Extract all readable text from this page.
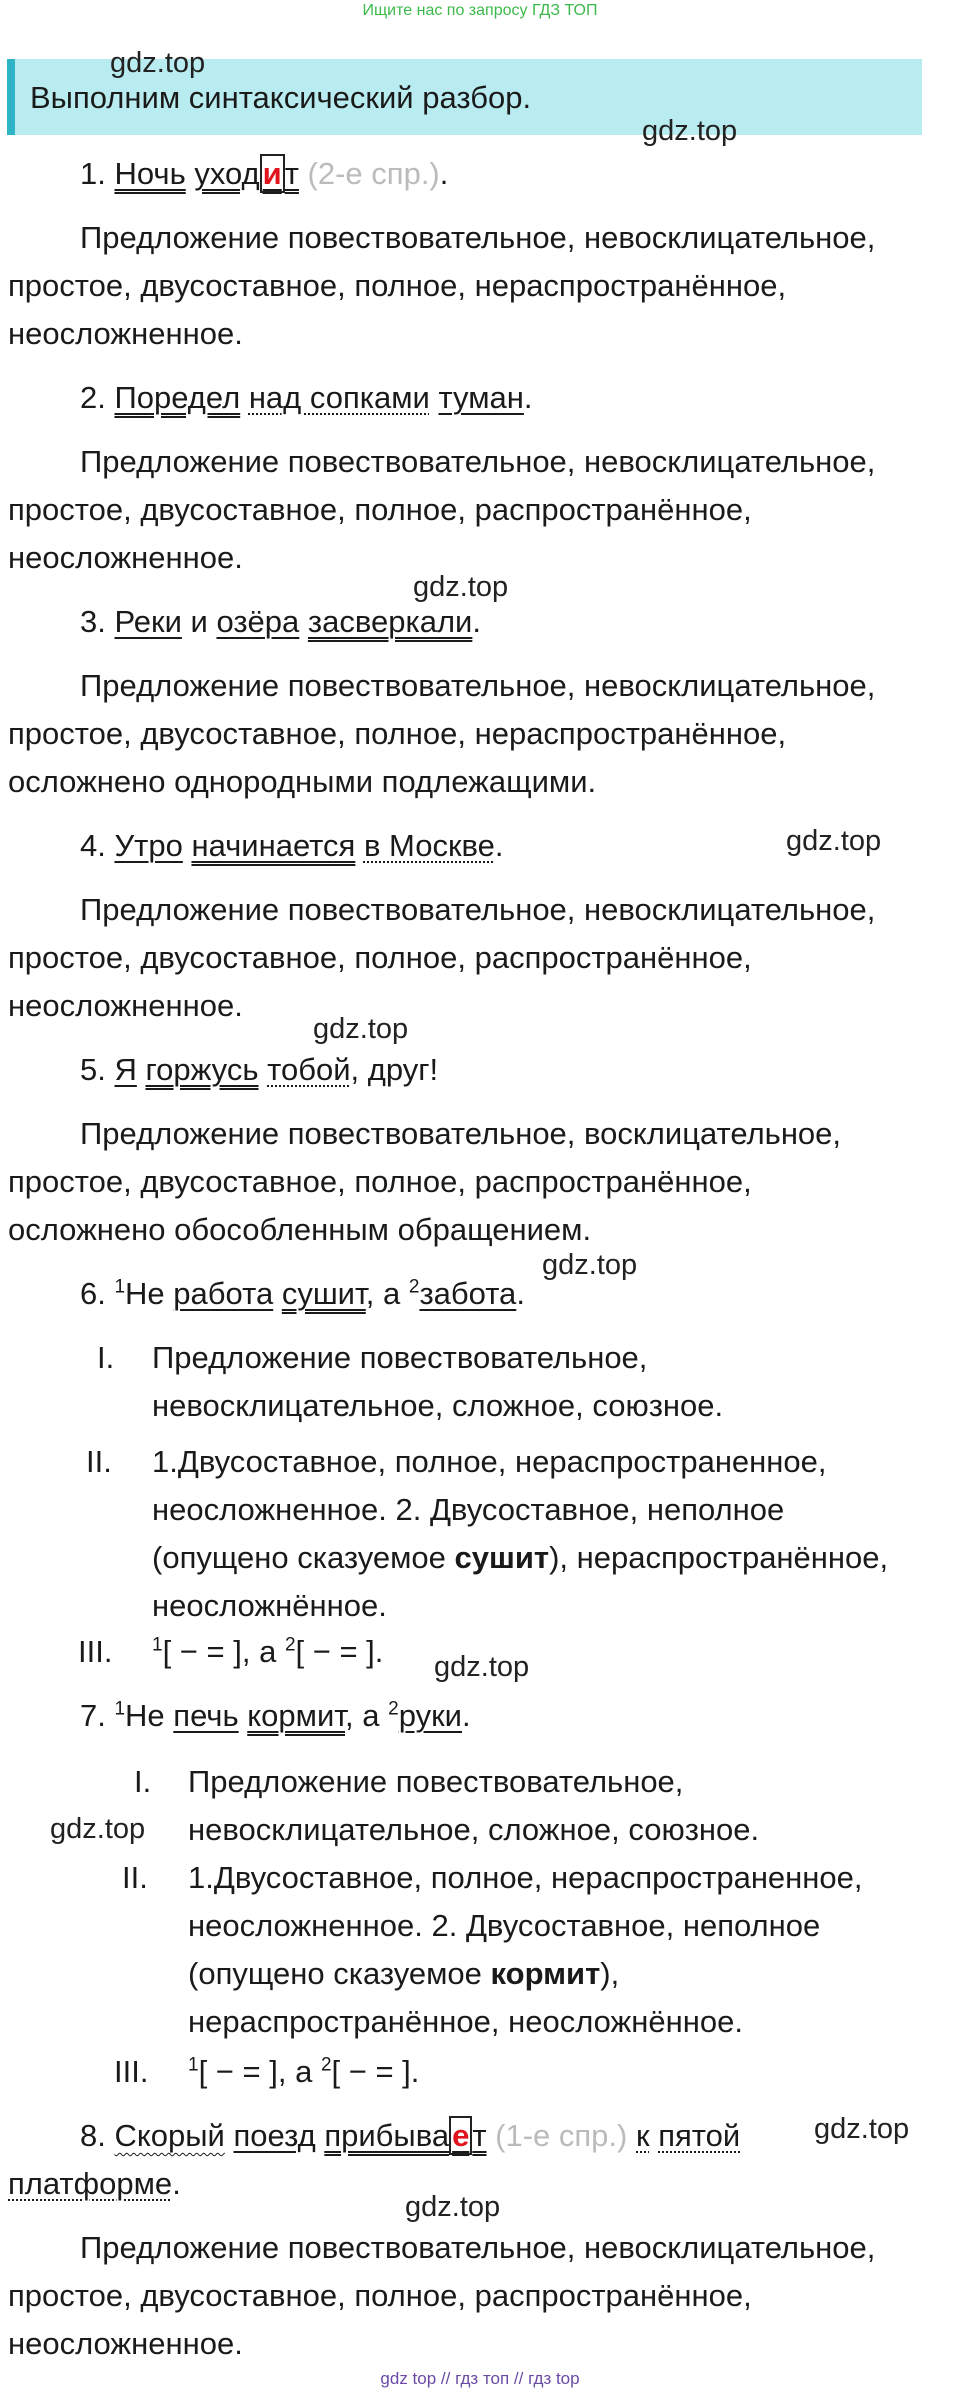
Ищите нас по запросу ГДЗ ТОП
Выполним синтаксический разбор.
1. Ночь уходит (2-е спр.).
Предложение повествовательное, невосклицательное,
простое, двусоставное, полное, нераспространённое,
неосложненное.
2. Поредел над сопками туман.
Предложение повествовательное, невосклицательное,
простое, двусоставное, полное, распространённое,
неосложненное.
3. Реки и озёра засверкали.
Предложение повествовательное, невосклицательное,
простое, двусоставное, полное, нераспространённое,
осложнено однородными подлежащими.
4. Утро начинается в Москве.
Предложение повествовательное, невосклицательное,
простое, двусоставное, полное, распространённое,
неосложненное.
5. Я горжусь тобой, друг!
Предложение повествовательное, восклицательное,
простое, двусоставное, полное, распространённое,
осложнено обособленным обращением.
6. $^1$Не работа сушит, а $^2$забота.
I. Предложение повествовательное,
невосклицательное, сложное, союзное.
II. 1.Двусоставное, полное, нераспространенное,
неосложненное. 2. Двусоставное, неполное
(опущено сказуемое сушит), нераспространённое,
неосложнённое.
III. $^1$[ − = ], а $^2$[ − = ].
7. $^1$Не печь кормит, а $^2$руки.
I. Предложение повествовательное,
невосклицательное, сложное, союзное.
II. 1.Двусоставное, полное, нераспространенное,
неосложненное. 2. Двусоставное, неполное
(опущено сказуемое кормит),
нераспространённое, неосложнённое.
III. $^1$[ − = ], а $^2$[ − = ].
8. Скорый поезд прибывает (1-е спр.) к пятой
платформе.
Предложение повествовательное, невосклицательное,
простое, двусоставное, полное, распространённое,
неосложненное.
gdz.top
gdz.top
gdz.top
gdz.top
gdz.top
gdz.top
gdz.top
gdz.top
gdz.top
gdz.top
gdz top // гдз топ // гдз top
